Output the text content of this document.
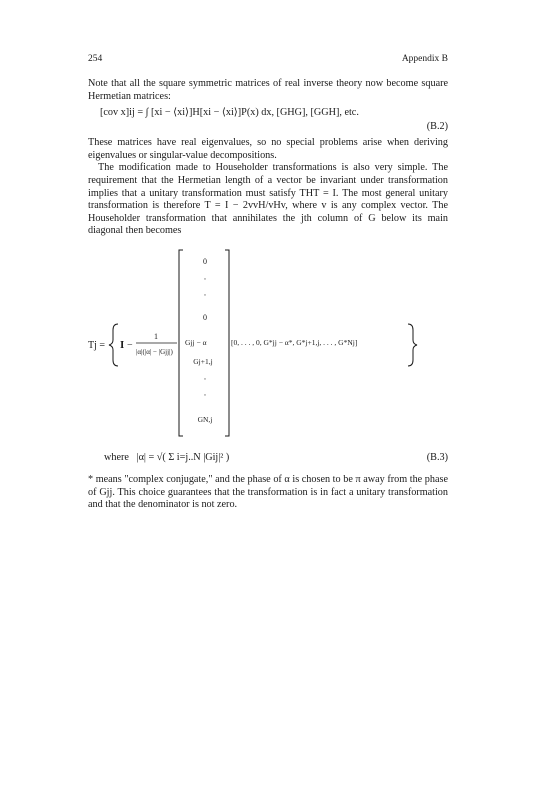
254	Appendix B

Note that all the square symmetric matrices of real inverse theory now become square Hermetian matrices:

[cov x]ij = ∫ [xi − ⟨xi⟩]H[xi − ⟨xi⟩]P(x) dx, [GHG], [GGH], etc.
(B.2)

These matrices have real eigenvalues, so no special problems arise when deriving eigenvalues or singular-value decompositions.

The modification made to Householder transformations is also very simple. The requirement that the Hermetian length of a vector be invariant under transformation implies that a unitary transformation must satisfy THT = I. The most general unitary transformation is therefore T = I − 2vvH/vHv, where v is any complex vector. The Householder transformation that annihilates the jth column of G below its main diagonal then becomes

Tj = I −
1
|α|(|α| − |Gjj|)
0
·
·
0
Gjj − α
Gj+1,j
·
·
GN,j
[0, . . . , 0, G*jj − α*, G*j+1,j, . . . , G*Nj]
where |α| = √( Σ i=j..N |Gij|² )	(B.3)

* means "complex conjugate," and the phase of α is chosen to be π away from the phase of Gjj. This choice guarantees that the transformation is in fact a unitary transformation and that the denominator is not zero.
